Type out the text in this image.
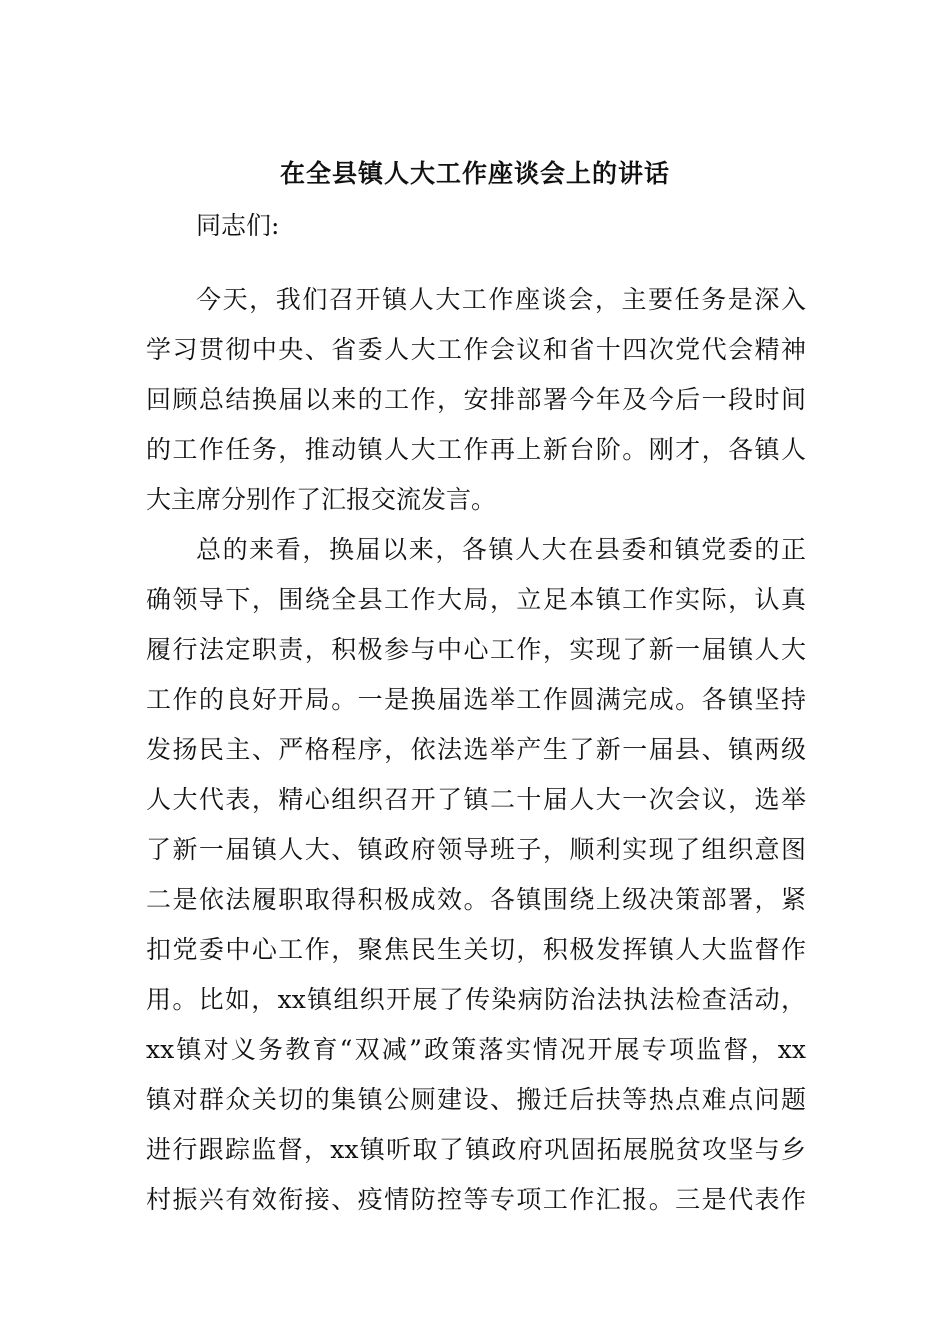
在全县镇人大工作座谈会上的讲话

同志们:

今天，我们召开镇人大工作座谈会，主要任务是深入

学习贯彻中央、省委人大工作会议和省十四次党代会精神

回顾总结换届以来的工作，安排部署今年及今后一段时间

的工作任务，推动镇人大工作再上新台阶。刚才，各镇人

大主席分别作了汇报交流发言。

总的来看，换届以来，各镇人大在县委和镇党委的正

确领导下，围绕全县工作大局，立足本镇工作实际，认真

履行法定职责，积极参与中心工作，实现了新一届镇人大

工作的良好开局。一是换届选举工作圆满完成。各镇坚持

发扬民主、严格程序，依法选举产生了新一届县、镇两级

人大代表，精心组织召开了镇二十届人大一次会议，选举

了新一届镇人大、镇政府领导班子，顺利实现了组织意图

二是依法履职取得积极成效。各镇围绕上级决策部署，紧

扣党委中心工作，聚焦民生关切，积极发挥镇人大监督作

用。比如，xx镇组织开展了传染病防治法执法检查活动，

xx镇对义务教育“双减”政策落实情况开展专项监督，xx

镇对群众关切的集镇公厕建设、搬迁后扶等热点难点问题

进行跟踪监督，xx镇听取了镇政府巩固拓展脱贫攻坚与乡

村振兴有效衔接、疫情防控等专项工作汇报。三是代表作
